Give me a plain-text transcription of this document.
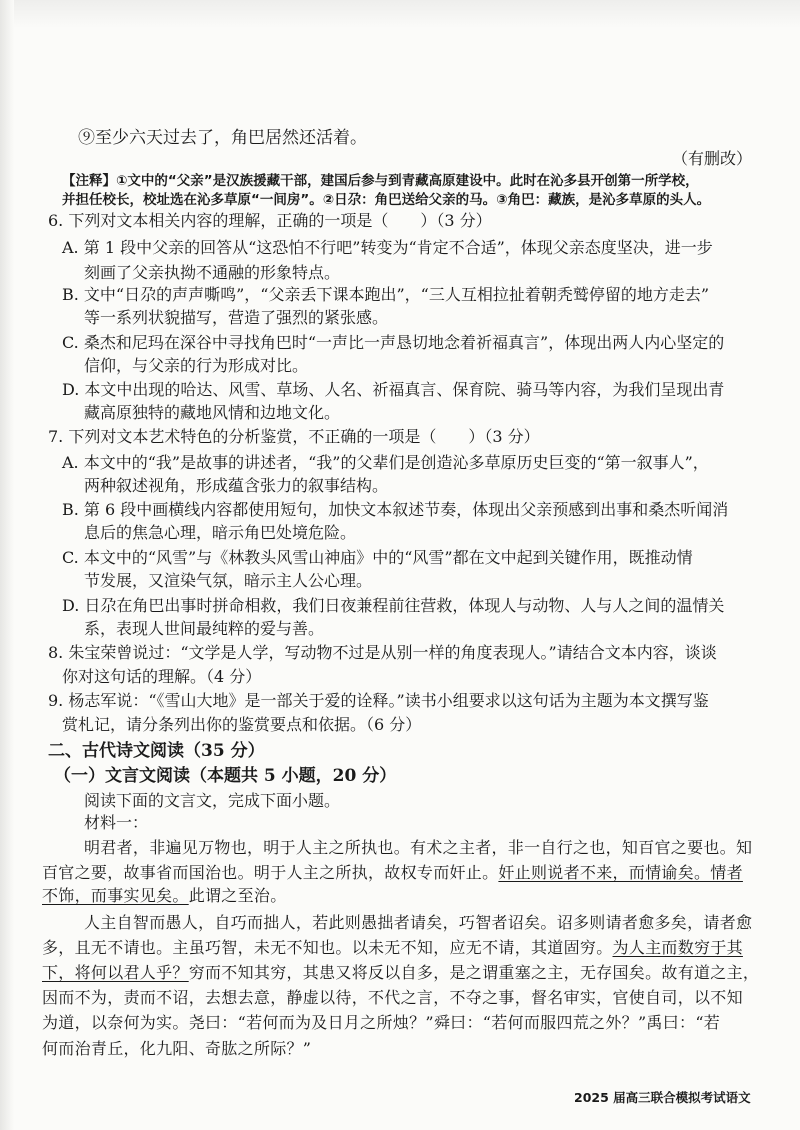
⑨至少六天过去了，角巴居然还活着。
（有删改）
【注释】①文中的“父亲”是汉族援藏干部，建国后参与到青藏高原建设中。此时在沁多县开创第一所学校，
并担任校长，校址选在沁多草原“一间房”。②日尕：角巴送给父亲的马。③角巴：藏族，是沁多草原的头人。
6. 下列对文本相关内容的理解，正确的一项是（　　）（3 分）
A. 第 1 段中父亲的回答从“这恐怕不行吧”转变为“肯定不合适”，体现父亲态度坚决，进一步
刻画了父亲执拗不通融的形象特点。
B. 文中“日尕的声声嘶鸣”，“父亲丢下课本跑出”，“三人互相拉扯着朝秃鹫停留的地方走去”
等一系列状貌描写，营造了强烈的紧张感。
C. 桑杰和尼玛在深谷中寻找角巴时“一声比一声恳切地念着祈福真言”，体现出两人内心坚定的
信仰，与父亲的行为形成对比。
D. 本文中出现的哈达、风雪、草场、人名、祈福真言、保育院、骑马等内容，为我们呈现出青
藏高原独特的藏地风情和边地文化。
7. 下列对文本艺术特色的分析鉴赏，不正确的一项是（　　）（3 分）
A. 本文中的“我”是故事的讲述者，“我”的父辈们是创造沁多草原历史巨变的“第一叙事人”，
两种叙述视角，形成蕴含张力的叙事结构。
B. 第 6 段中画横线内容都使用短句，加快文本叙述节奏，体现出父亲预感到出事和桑杰听闻消
息后的焦急心理，暗示角巴处境危险。
C. 本文中的“风雪”与《林教头风雪山神庙》中的“风雪”都在文中起到关键作用，既推动情
节发展，又渲染气氛，暗示主人公心理。
D. 日尕在角巴出事时拼命相救，我们日夜兼程前往营救，体现人与动物、人与人之间的温情关
系，表现人世间最纯粹的爱与善。
8. 朱宝荣曾说过：“文学是人学，写动物不过是从别一样的角度表现人。”请结合文本内容，谈谈
你对这句话的理解。（4 分）
9. 杨志军说：“《雪山大地》是一部关于爱的诠释。”读书小组要求以这句话为主题为本文撰写鉴
赏札记，请分条列出你的鉴赏要点和依据。（6 分）
二、古代诗文阅读（35 分）
（一）文言文阅读（本题共 5 小题，20 分）
阅读下面的文言文，完成下面小题。
材料一：
明君者，非遍见万物也，明于人主之所执也。有术之主者，非一自行之也，知百官之要也。知
百官之要，故事省而国治也。明于人主之所执，故权专而奸止。奸止则说者不来，而情谕矣。情者
不饰，而事实见矣。此谓之至治。
人主自智而愚人，自巧而拙人，若此则愚拙者请矣，巧智者诏矣。诏多则请者愈多矣，请者愈
多，且无不请也。主虽巧智，未无不知也。以未无不知，应无不请，其道固穷。为人主而数穷于其
下，将何以君人乎？穷而不知其穷，其患又将反以自多，是之谓重塞之主，无存国矣。故有道之主，
因而不为，责而不诏，去想去意，静虚以待，不代之言，不夺之事，督名审实，官使自司，以不知
为道，以奈何为实。尧曰：“若何而为及日月之所烛？”舜曰：“若何而服四荒之外？”禹曰：“若
何而治青丘，化九阳、奇肱之所际？”
2025 届高三联合模拟考试语文
